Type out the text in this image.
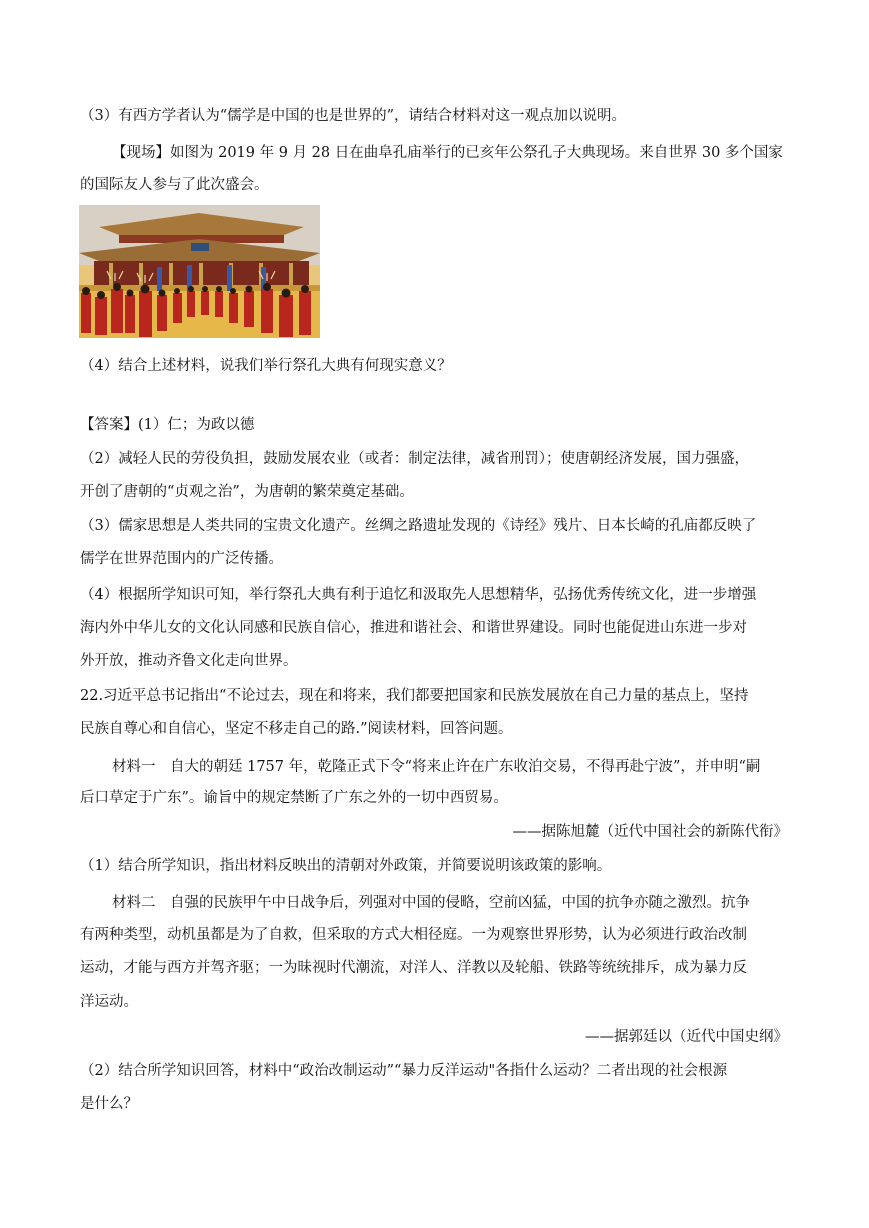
（3）有西方学者认为“儒学是中国的也是世界的”，请结合材料对这一观点加以说明。
【现场】如图为 2019 年 9 月 28 日在曲阜孔庙举行的已亥年公祭孔子大典现场。来自世界 30 多个国家
的国际友人参与了此次盛会。
（4）结合上述材料，说我们举行祭孔大典有何现实意义？
【答案】(1）仁；为政以德
（2）减轻人民的劳役负担，鼓励发展农业（或者：制定法律，减省刑罚）；使唐朝经济发展，国力强盛，
开创了唐朝的“贞观之治”，为唐朝的繁荣奠定基础。
（3）儒家思想是人类共同的宝贵文化遗产。丝绸之路遗址发现的《诗经》残片、日本长崎的孔庙都反映了
儒学在世界范围内的广泛传播。
（4）根据所学知识可知，举行祭孔大典有利于追忆和汲取先人思想精华，弘扬优秀传统文化，进一步增强
海内外中华儿女的文化认同感和民族自信心，推进和谐社会、和谐世界建设。同时也能促进山东进一步对
外开放，推动齐鲁文化走向世界。
22.习近平总书记指出“不论过去，现在和将来，我们都要把国家和民族发展放在自己力量的基点上，坚持
民族自尊心和自信心，坚定不移走自己的路.”阅读材料，回答问题。
材料一　自大的朝廷 1757 年，乾隆正式下令“将来止许在广东收泊交易，不得再赴宁波”，并申明“嗣
后口草定于广东”。谕旨中的规定禁断了广东之外的一切中西贸易。
——据陈旭麓（近代中国社会的新陈代衔》
（1）结合所学知识，指出材料反映出的清朝对外政策，并简要说明该政策的影响。
材料二　自强的民族甲午中日战争后，列强对中国的侵略，空前凶猛，中国的抗争亦随之激烈。抗争
有两种类型，动机虽都是为了自救，但采取的方式大相径庭。一为观察世界形势，认为必须进行政治改制
运动，才能与西方并驾齐驱；一为昧视时代潮流，对洋人、洋教以及轮船、铁路等统统排斥，成为暴力反
洋运动。
——据郭廷以（近代中国史纲》
（2）结合所学知识回答，材料中“政治改制运动”“暴力反洋运动"各指什么运动？二者出现的社会根源
是什么？
